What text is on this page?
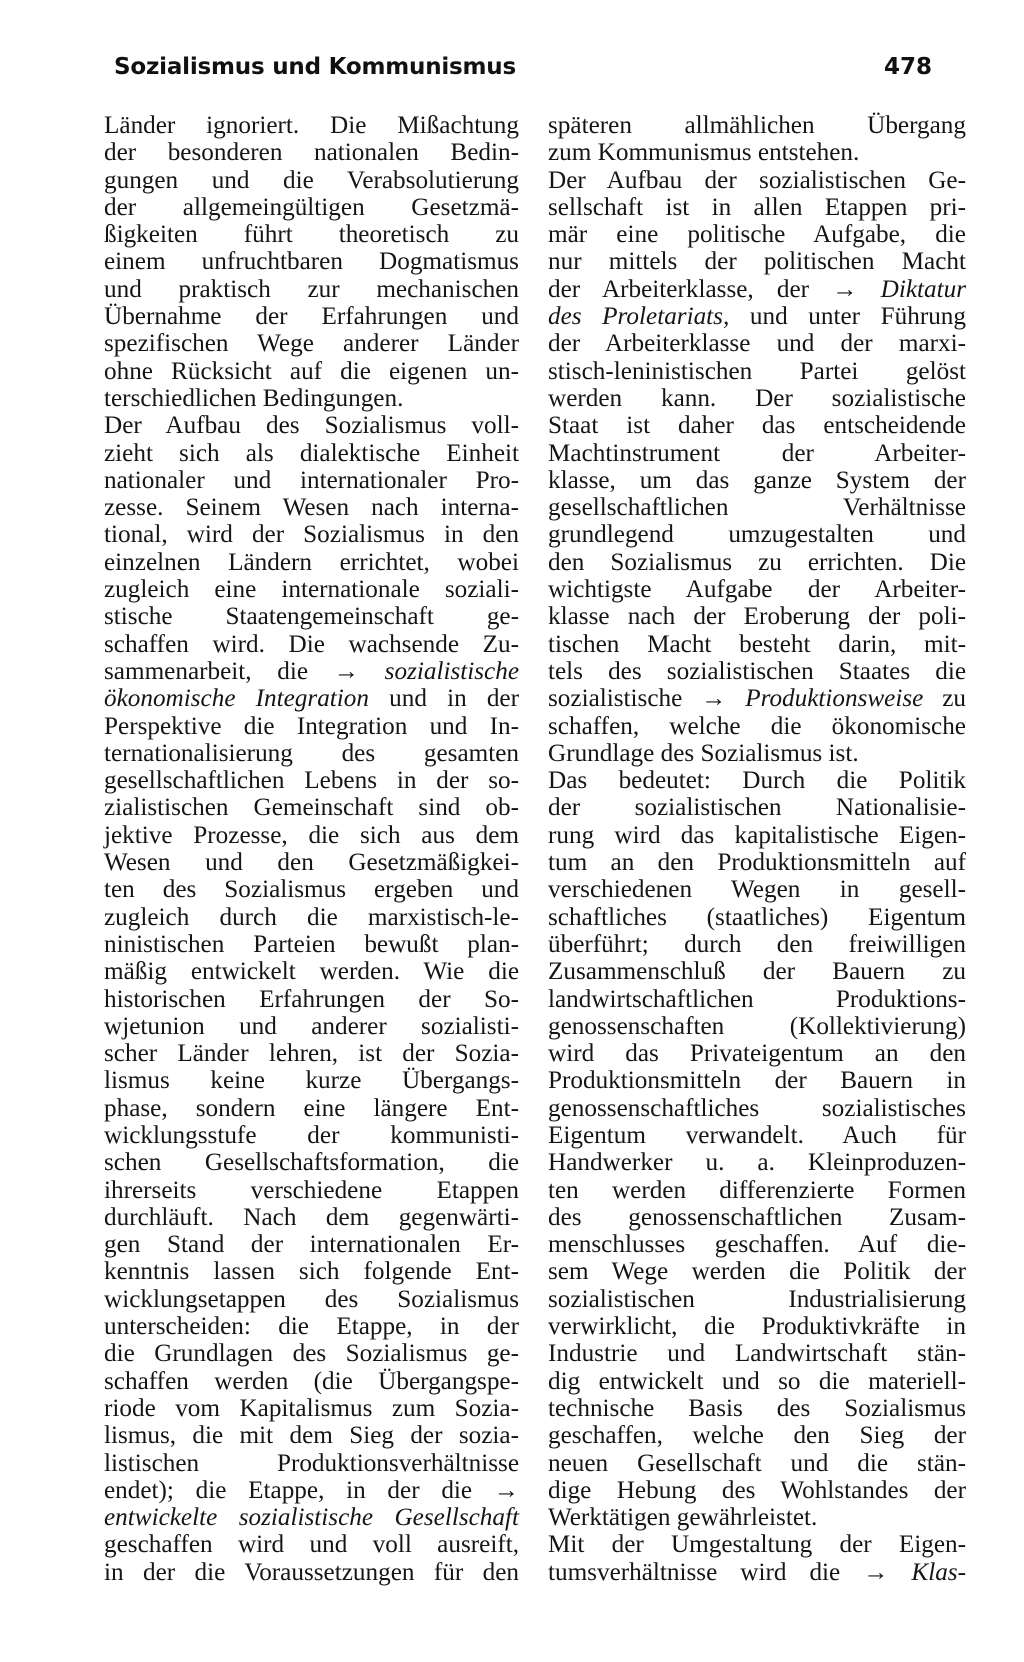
Sozialismus und Kommunismus	478
Länder ignoriert. Die Mißachtung
der besonderen nationalen Bedin-
gungen und die Verabsolutierung
der allgemeingültigen Gesetzmä-
ßigkeiten führt theoretisch zu
einem unfruchtbaren Dogmatismus
und praktisch zur mechanischen
Übernahme der Erfahrungen und
spezifischen Wege anderer Länder
ohne Rücksicht auf die eigenen un-
terschiedlichen Bedingungen.
Der Aufbau des Sozialismus voll-
zieht sich als dialektische Einheit
nationaler und internationaler Pro-
zesse. Seinem Wesen nach interna-
tional, wird der Sozialismus in den
einzelnen Ländern errichtet, wobei
zugleich eine internationale soziali-
stische Staatengemeinschaft ge-
schaffen wird. Die wachsende Zu-
sammenarbeit, die → sozialistische
ökonomische Integration und in der
Perspektive die Integration und In-
ternationalisierung des gesamten
gesellschaftlichen Lebens in der so-
zialistischen Gemeinschaft sind ob-
jektive Prozesse, die sich aus dem
Wesen und den Gesetzmäßigkei-
ten des Sozialismus ergeben und
zugleich durch die marxistisch-le-
ninistischen Parteien bewußt plan-
mäßig entwickelt werden. Wie die
historischen Erfahrungen der So-
wjetunion und anderer sozialisti-
scher Länder lehren, ist der Sozia-
lismus keine kurze Übergangs-
phase, sondern eine längere Ent-
wicklungsstufe der kommunisti-
schen Gesellschaftsformation, die
ihrerseits verschiedene Etappen
durchläuft. Nach dem gegenwärti-
gen Stand der internationalen Er-
kenntnis lassen sich folgende Ent-
wicklungsetappen des Sozialismus
unterscheiden: die Etappe, in der
die Grundlagen des Sozialismus ge-
schaffen werden (die Übergangspe-
riode vom Kapitalismus zum Sozia-
lismus, die mit dem Sieg der sozia-
listischen Produktionsverhältnisse
endet); die Etappe, in der die →
entwickelte sozialistische Gesellschaft
geschaffen wird und voll ausreift,
in der die Voraussetzungen für den
späteren allmählichen Übergang
zum Kommunismus entstehen.
Der Aufbau der sozialistischen Ge-
sellschaft ist in allen Etappen pri-
mär eine politische Aufgabe, die
nur mittels der politischen Macht
der Arbeiterklasse, der → Diktatur
des Proletariats, und unter Führung
der Arbeiterklasse und der marxi-
stisch-leninistischen Partei gelöst
werden kann. Der sozialistische
Staat ist daher das entscheidende
Machtinstrument der Arbeiter-
klasse, um das ganze System der
gesellschaftlichen Verhältnisse
grundlegend umzugestalten und
den Sozialismus zu errichten. Die
wichtigste Aufgabe der Arbeiter-
klasse nach der Eroberung der poli-
tischen Macht besteht darin, mit-
tels des sozialistischen Staates die
sozialistische → Produktionsweise zu
schaffen, welche die ökonomische
Grundlage des Sozialismus ist.
Das bedeutet: Durch die Politik
der sozialistischen Nationalisie-
rung wird das kapitalistische Eigen-
tum an den Produktionsmitteln auf
verschiedenen Wegen in gesell-
schaftliches (staatliches) Eigentum
überführt; durch den freiwilligen
Zusammenschluß der Bauern zu
landwirtschaftlichen Produktions-
genossenschaften (Kollektivierung)
wird das Privateigentum an den
Produktionsmitteln der Bauern in
genossenschaftliches sozialistisches
Eigentum verwandelt. Auch für
Handwerker u. a. Kleinproduzen-
ten werden differenzierte Formen
des genossenschaftlichen Zusam-
menschlusses geschaffen. Auf die-
sem Wege werden die Politik der
sozialistischen Industrialisierung
verwirklicht, die Produktivkräfte in
Industrie und Landwirtschaft stän-
dig entwickelt und so die materiell-
technische Basis des Sozialismus
geschaffen, welche den Sieg der
neuen Gesellschaft und die stän-
dige Hebung des Wohlstandes der
Werktätigen gewährleistet.
Mit der Umgestaltung der Eigen-
tumsverhältnisse wird die → Klas-
